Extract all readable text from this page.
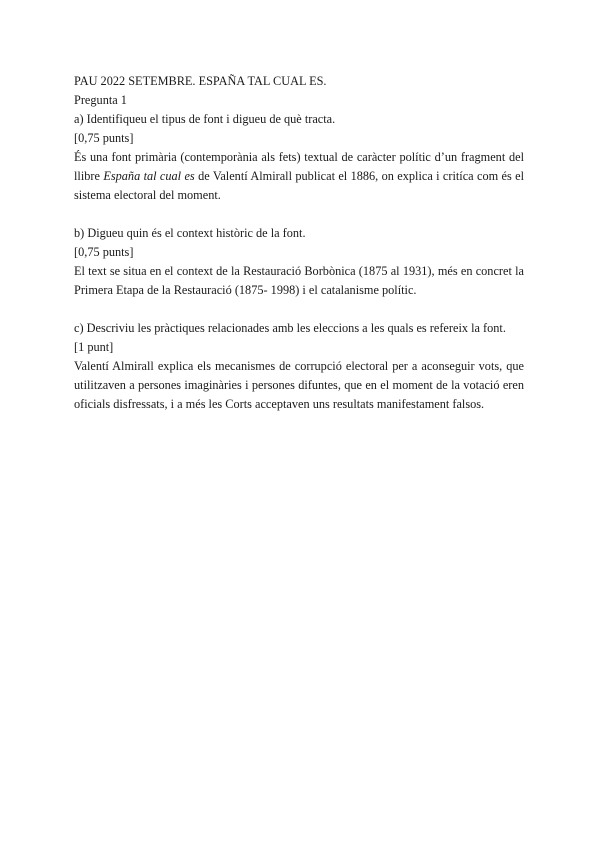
PAU 2022 SETEMBRE. ESPAÑA TAL CUAL ES.
Pregunta 1
a) Identifiqueu el tipus de font i digueu de què tracta.
[0,75 punts]

És una font primària (contemporània als fets) textual de caràcter polític d’un fragment del llibre España tal cual es de Valentí Almirall publicat el 1886, on explica i critíca com és el sistema electoral del moment.

b) Digueu quin és el context històric de la font.
[0,75 punts]

El text se situa en el context de la Restauració Borbònica (1875 al 1931), més en concret la Primera Etapa de la Restauració (1875- 1998) i el catalanisme polític.

c) Descriviu les pràctiques relacionades amb les eleccions a les quals es refereix la font.
[1 punt]

Valentí Almirall explica els mecanismes de corrupció electoral per a aconseguir vots, que utilitzaven a persones imaginàries i persones difuntes, que en el moment de la votació eren oficials disfressats, i a més les Corts acceptaven uns resultats manifestament falsos.
